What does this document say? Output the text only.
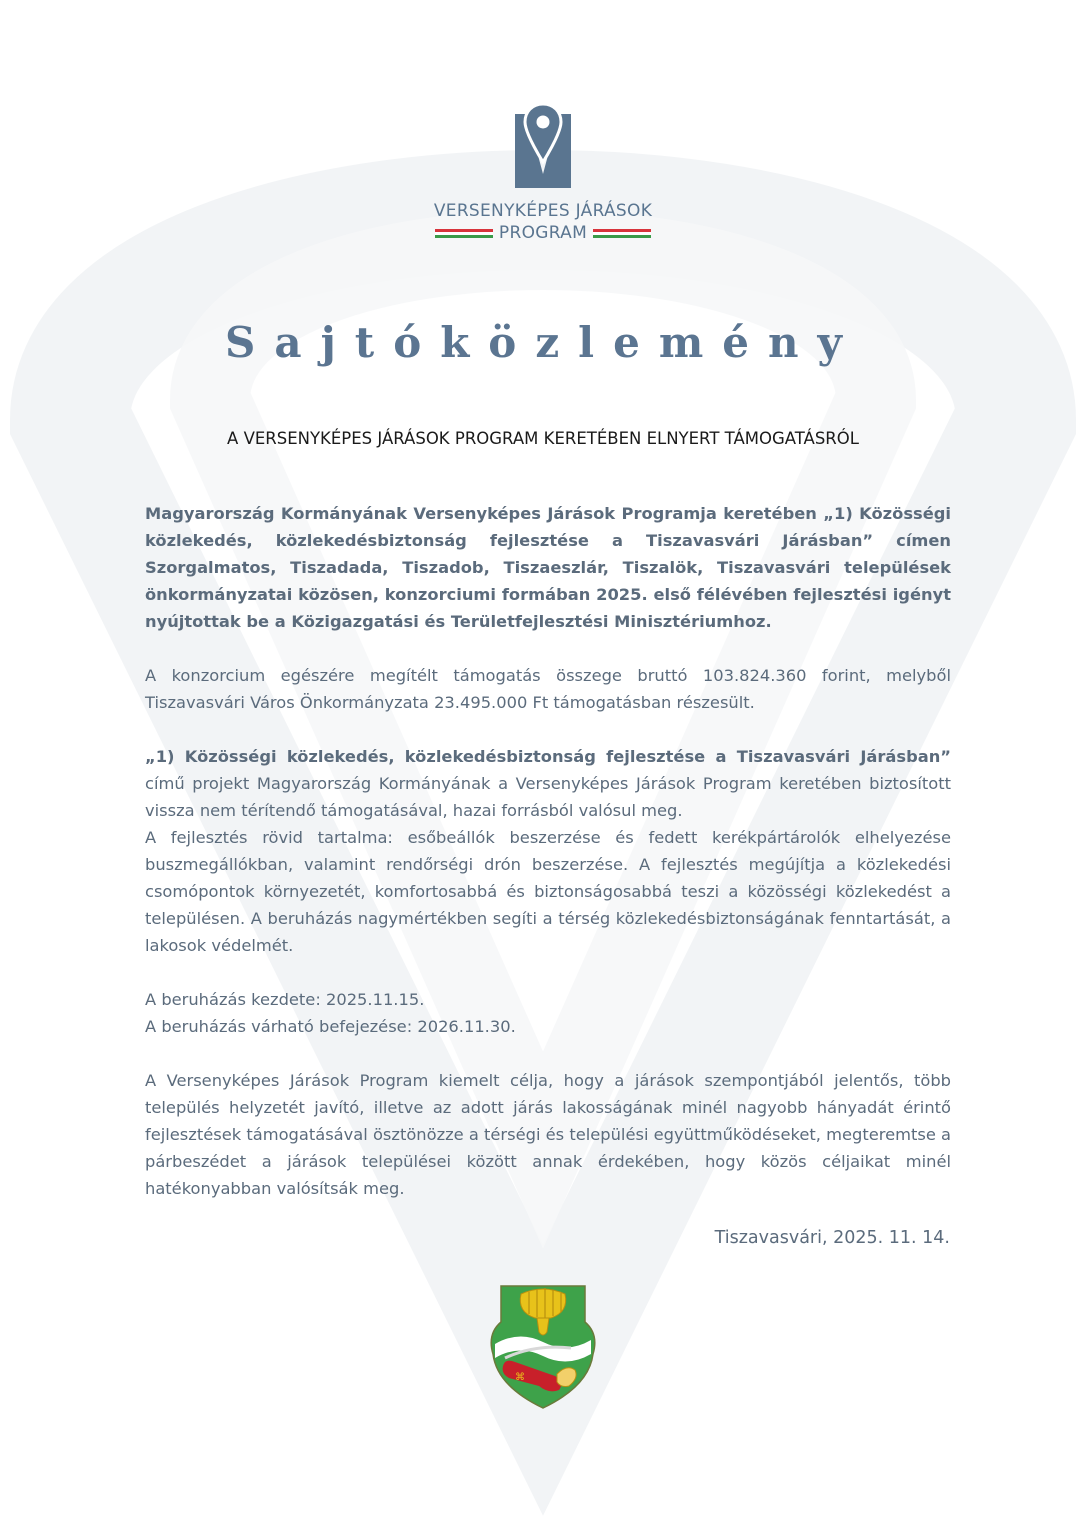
VERSENYKÉPES JÁRÁSOK
PROGRAM
Sajtóközlemény
A VERSENYKÉPES JÁRÁSOK PROGRAM KERETÉBEN ELNYERT TÁMOGATÁSRÓL

Magyarország Kormányának Versenyképes Járások Programja keretében „1) Közösségi közlekedés, közlekedésbiztonság fejlesztése a Tiszavasvári Járásban” címen Szorgalmatos, Tiszadada, Tiszadob, Tiszaeszlár, Tiszalök, Tiszavasvári települések önkormányzatai közösen, konzorciumi formában 2025. első félévében fejlesztési igényt nyújtottak be a Közigazgatási és Területfejlesztési Minisztériumhoz.

A konzorcium egészére megítélt támogatás összege bruttó 103.824.360 forint, melyből Tiszavasvári Város Önkormányzata 23.495.000 Ft támogatásban részesült.

„1) Közösségi közlekedés, közlekedésbiztonság fejlesztése a Tiszavasvári Járásban” című projekt Magyarország Kormányának a Versenyképes Járások Program keretében biztosított vissza nem térítendő támogatásával, hazai forrásból valósul meg.

A fejlesztés rövid tartalma: esőbeállók beszerzése és fedett kerékpártárolók elhelyezése buszmegállókban, valamint rendőrségi drón beszerzése. A fejlesztés megújítja a közlekedési csomópontok környezetét, komfortosabbá és biztonságosabbá teszi a közösségi közlekedést a településen. A beruházás nagymértékben segíti a térség közlekedésbiztonságának fenntartását, a lakosok védelmét.

A beruházás kezdete: 2025.11.15.

A beruházás várható befejezése: 2026.11.30.

A Versenyképes Járások Program kiemelt célja, hogy a járások szempontjából jelentős, több település helyzetét javító, illetve az adott járás lakosságának minél nagyobb hányadát érintő fejlesztések támogatásával ösztönözze a térségi és települési együttműködéseket, megteremtse a párbeszédet a járások települései között annak érdekében, hogy közös céljaikat minél hatékonyabban valósítsák meg.

Tiszavasvári, 2025. 11. 14.
⌘
